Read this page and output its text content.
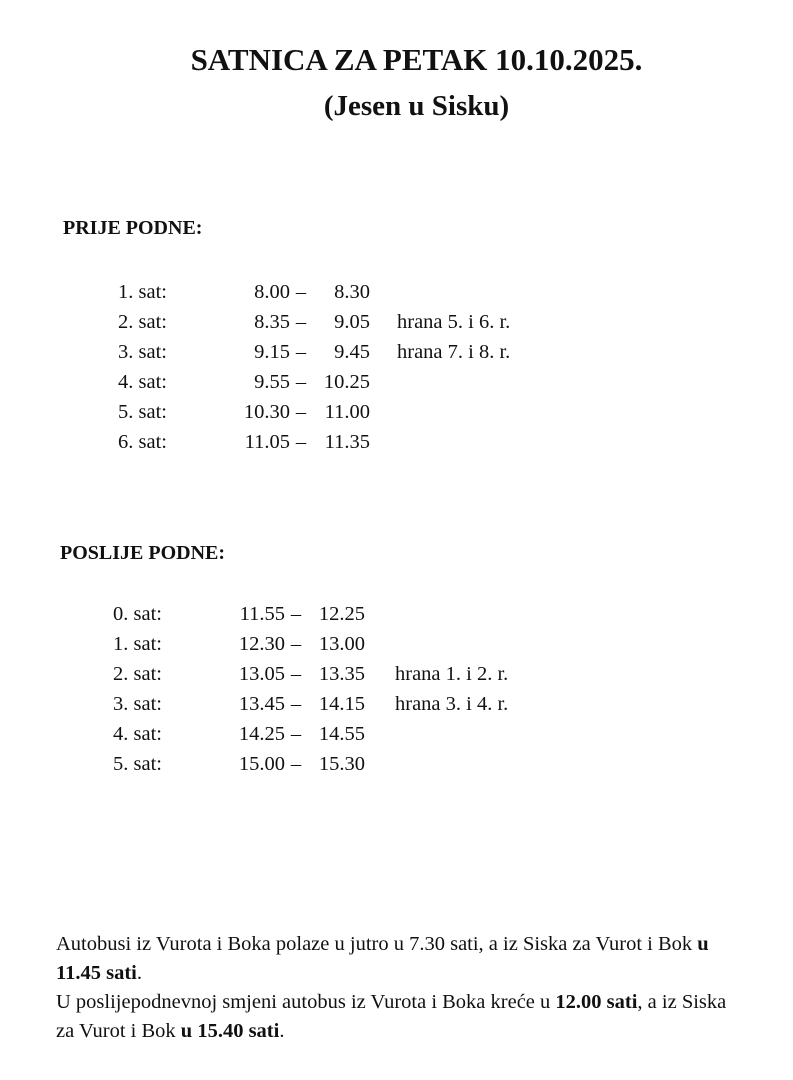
SATNICA ZA PETAK 10.10.2025.
(Jesen u Sisku)
PRIJE PODNE:
1. sat:	8.00 –	8.30
2. sat:	8.35 –	9.05 hrana 5. i 6. r.
3. sat:	9.15 –	9.45 hrana 7. i 8. r.
4. sat:	9.55 – 10.25
5. sat:	10.30 – 11.00
6. sat:	11.05 – 11.35
POSLIJE PODNE:
0. sat:	11.55 – 12.25
1. sat:	12.30 – 13.00
2. sat:	13.05 – 13.35 hrana 1. i 2. r.
3. sat:	13.45 – 14.15 hrana 3. i 4. r.
4. sat:	14.25 – 14.55
5. sat:	15.00 – 15.30

Autobusi iz Vurota i Boka polaze u jutro u 7.30 sati, a iz Siska za Vurot i Bok u 11.45 sati.

U poslijepodnevnoj smjeni autobus iz Vurota i Boka kreće u 12.00 sati, a iz Siska za Vurot i Bok u 15.40 sati.
